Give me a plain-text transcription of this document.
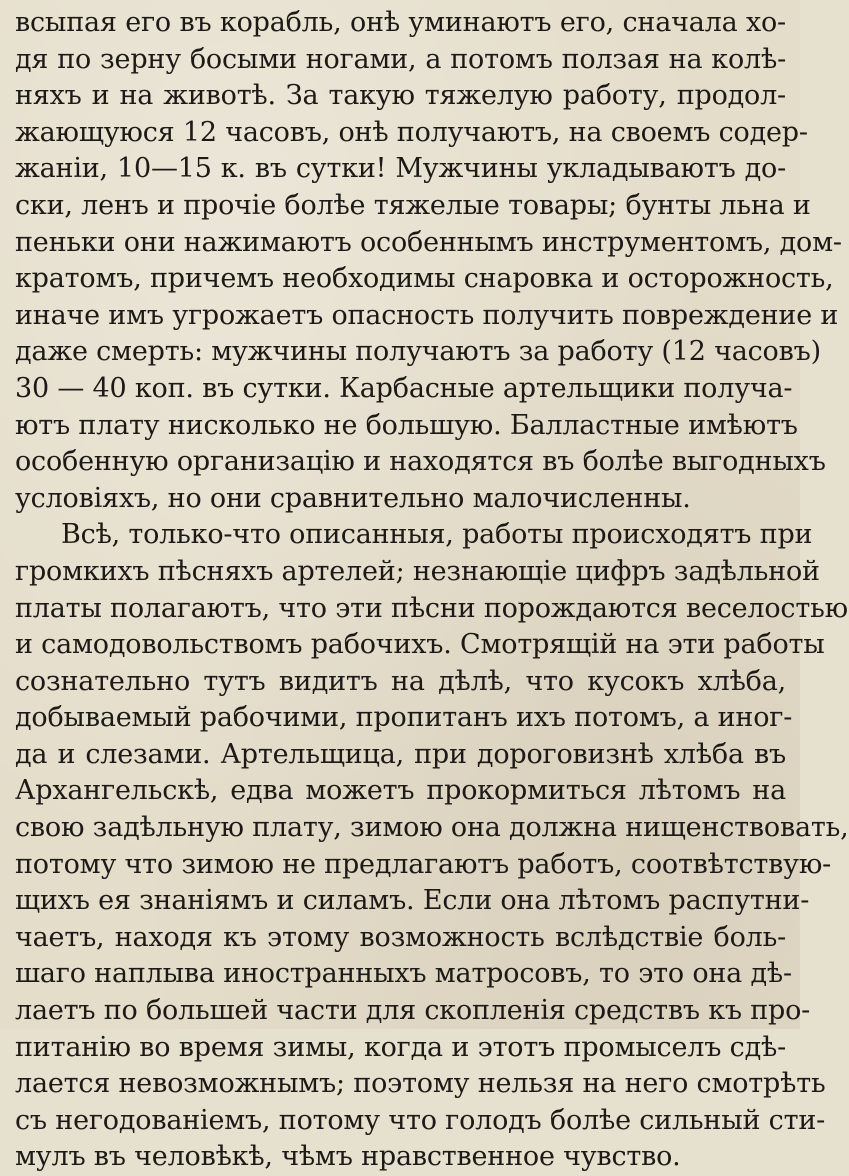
всыпая его въ корабль, онѣ уминаютъ его, сначала хо-
дя по зерну босыми ногами, а потомъ ползая на колѣ-
няхъ и на животѣ. За такую тяжелую работу, продол-
жающуюся 12 часовъ, онѣ получаютъ, на своемъ содер-
жаніи, 10—15 к. въ сутки! Мужчины укладываютъ до-
ски, ленъ и прочіе болѣе тяжелые товары; бунты льна и
пеньки они нажимаютъ особеннымъ инструментомъ, дом-
кратомъ, причемъ необходимы снаровка и осторожность,
иначе имъ угрожаетъ опасность получить повреждение и
даже смерть: мужчины получаютъ за работу (12 часовъ)
30 — 40 коп. въ сутки. Карбасные артельщики получа-
ютъ плату нисколько не большую. Балластные имѣютъ
особенную организацію и находятся въ болѣе выгодныхъ
условіяхъ, но они сравнительно малочисленны.
Всѣ, только-что описанныя, работы происходятъ при
громкихъ пѣсняхъ артелей; незнающіе цифръ задѣльной
платы полагаютъ, что эти пѣсни порождаются веселостью
и самодовольствомъ рабочихъ. Смотрящій на эти работы
сознательно тутъ видитъ на дѣлѣ, что кусокъ хлѣба,
добываемый рабочими, пропитанъ ихъ потомъ, а иног-
да и слезами. Артельщица, при дороговизнѣ хлѣба въ
Архангельскѣ, едва можетъ прокормиться лѣтомъ на
свою задѣльную плату, зимою она должна нищенствовать,
потому что зимою не предлагаютъ работъ, соотвѣтствую-
щихъ ея знаніямъ и силамъ. Если она лѣтомъ распутни-
чаетъ, находя къ этому возможность вслѣдствіе боль-
шаго наплыва иностранныхъ матросовъ, то это она дѣ-
лаетъ по большей части для скопленія средствъ къ про-
питанію во время зимы, когда и этотъ промыселъ сдѣ-
лается невозможнымъ; поэтому нельзя на него смотрѣть
съ негодованіемъ, потому что голодъ болѣе сильный сти-
мулъ въ человѣкѣ, чѣмъ нравственное чувство.
